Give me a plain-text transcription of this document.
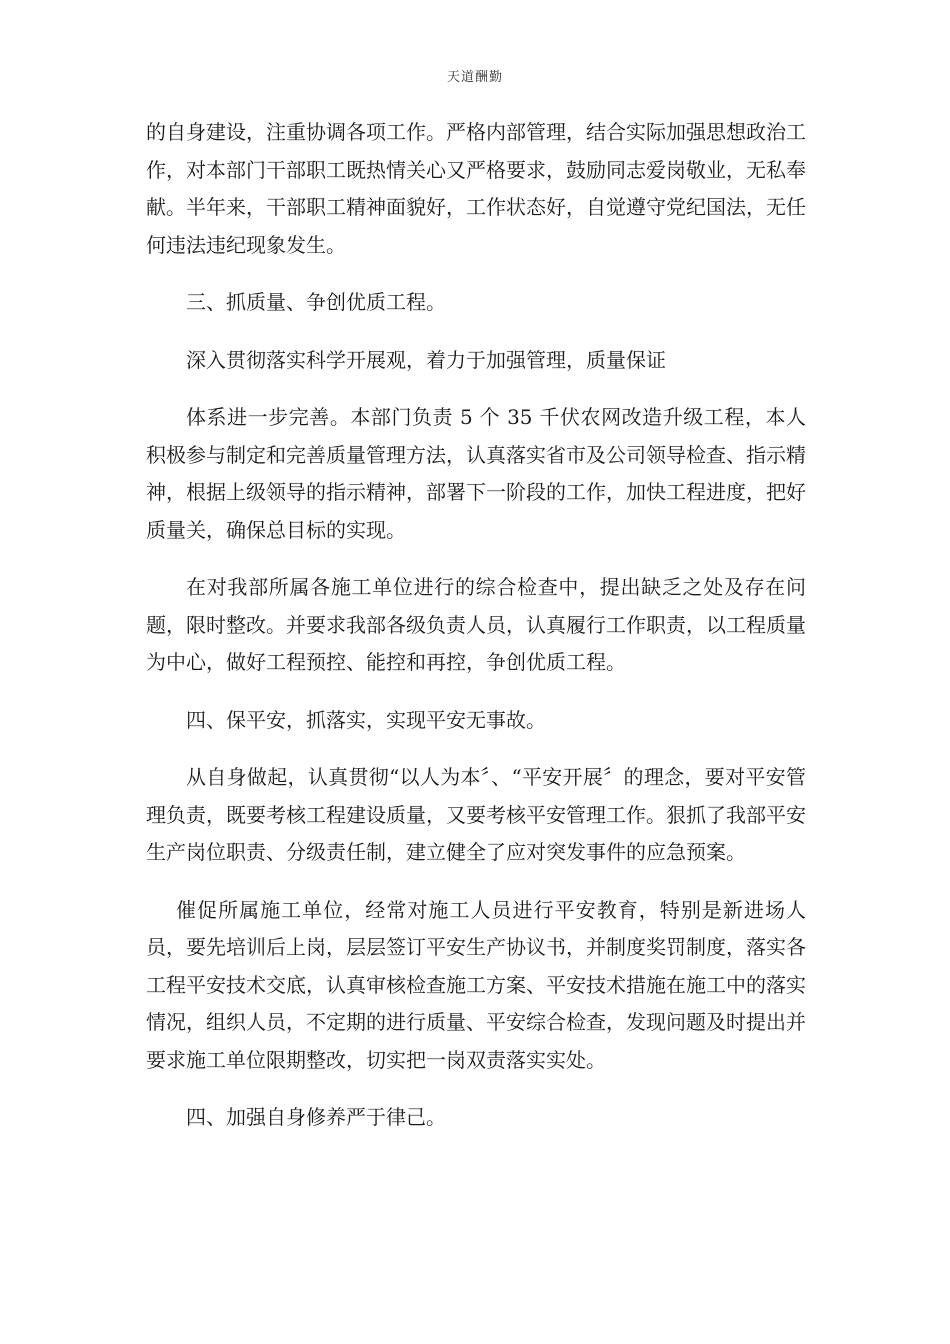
天道酬勤

的自身建设，注重协调各项工作。严格内部管理，结合实际加强思想政治工作，对本部门干部职工既热情关心又严格要求，鼓励同志爱岗敬业，无私奉献。半年来，干部职工精神面貌好，工作状态好，自觉遵守党纪国法，无任何违法违纪现象发生。

三、抓质量、争创优质工程。

深入贯彻落实科学开展观，着力于加强管理，质量保证

体系进一步完善。本部门负责 5 个 35 千伏农网改造升级工程，本人积极参与制定和完善质量管理方法，认真落实省市及公司领导检查、指示精神，根据上级领导的指示精神，部署下一阶段的工作，加快工程进度，把好质量关，确保总目标的实现。

在对我部所属各施工单位进行的综合检查中，提出缺乏之处及存在问题，限时整改。并要求我部各级负责人员，认真履行工作职责，以工程质量为中心，做好工程预控、能控和再控，争创优质工程。

四、保平安，抓落实，实现平安无事故。

从自身做起，认真贯彻“以人为本〞、“平安开展〞的理念，要对平安管理负责，既要考核工程建设质量，又要考核平安管理工作。狠抓了我部平安生产岗位职责、分级责任制，建立健全了应对突发事件的应急预案。

催促所属施工单位，经常对施工人员进行平安教育，特别是新进场人员，要先培训后上岗，层层签订平安生产协议书，并制度奖罚制度，落实各工程平安技术交底，认真审核检查施工方案、平安技术措施在施工中的落实情况，组织人员，不定期的进行质量、平安综合检查，发现问题及时提出并要求施工单位限期整改，切实把一岗双责落实实处。

四、加强自身修养严于律己。
